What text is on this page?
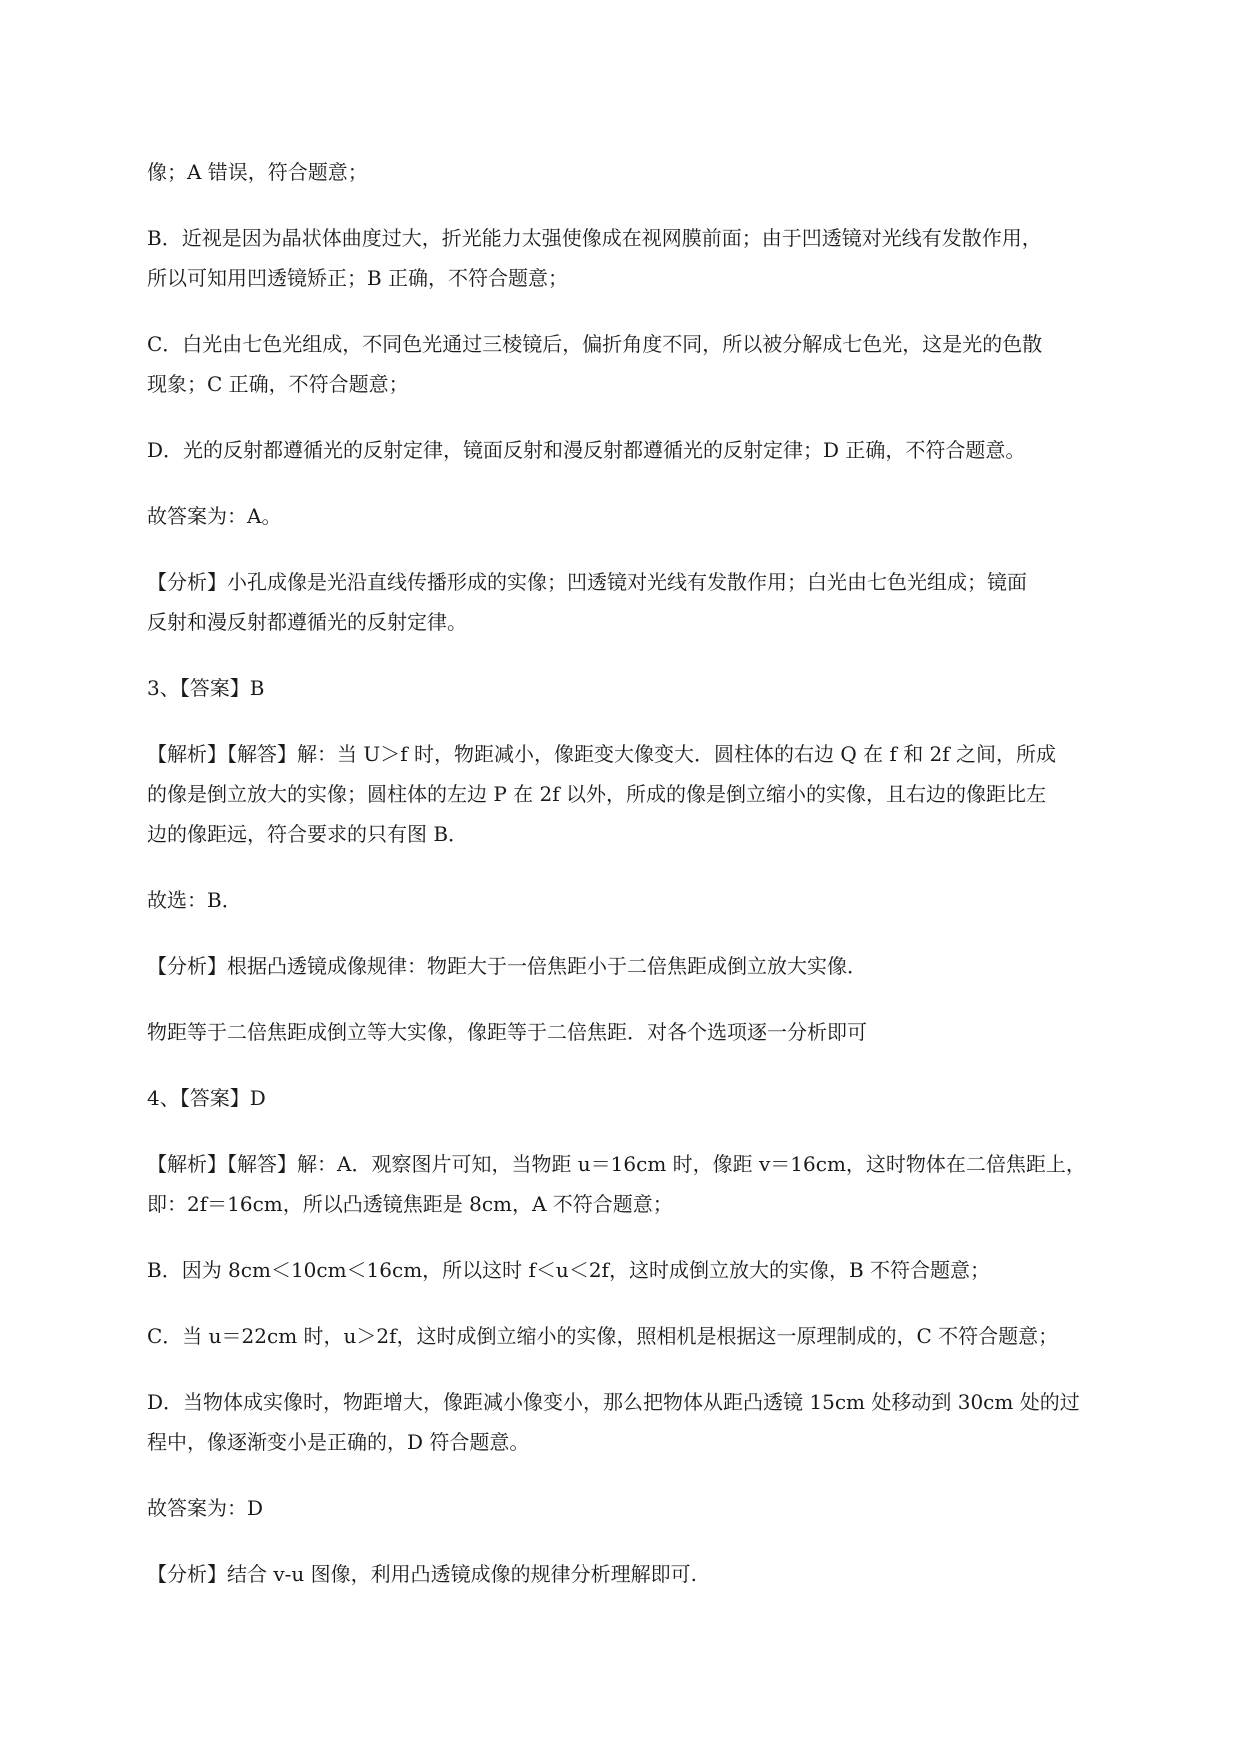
像；A 错误，符合题意；

B．近视是因为晶状体曲度过大，折光能力太强使像成在视网膜前面；由于凹透镜对光线有发散作用，
所以可知用凹透镜矫正；B 正确，不符合题意；

C．白光由七色光组成，不同色光通过三棱镜后，偏折角度不同，所以被分解成七色光，这是光的色散
现象；C 正确，不符合题意；

D．光的反射都遵循光的反射定律，镜面反射和漫反射都遵循光的反射定律；D 正确，不符合题意。

故答案为：A。

【分析】小孔成像是光沿直线传播形成的实像；凹透镜对光线有发散作用；白光由七色光组成；镜面
反射和漫反射都遵循光的反射定律。

3、【答案】B

【解析】【解答】解：当 U＞f 时，物距减小，像距变大像变大．圆柱体的右边 Q 在 f 和 2f 之间，所成
的像是倒立放大的实像；圆柱体的左边 P 在 2f 以外，所成的像是倒立缩小的实像，且右边的像距比左
边的像距远，符合要求的只有图 B．

故选：B．

【分析】根据凸透镜成像规律：物距大于一倍焦距小于二倍焦距成倒立放大实像．

物距等于二倍焦距成倒立等大实像，像距等于二倍焦距．对各个选项逐一分析即可

4、【答案】D

【解析】【解答】解：A．观察图片可知，当物距 u＝16cm 时，像距 v＝16cm，这时物体在二倍焦距上，
即：2f＝16cm，所以凸透镜焦距是 8cm，A 不符合题意；

B．因为 8cm＜10cm＜16cm，所以这时 f＜u＜2f，这时成倒立放大的实像，B 不符合题意；

C．当 u＝22cm 时，u＞2f，这时成倒立缩小的实像，照相机是根据这一原理制成的，C 不符合题意；

D．当物体成实像时，物距增大，像距减小像变小，那么把物体从距凸透镜 15cm 处移动到 30cm 处的过
程中，像逐渐变小是正确的，D 符合题意。

故答案为：D

【分析】结合 v-u 图像，利用凸透镜成像的规律分析理解即可.
